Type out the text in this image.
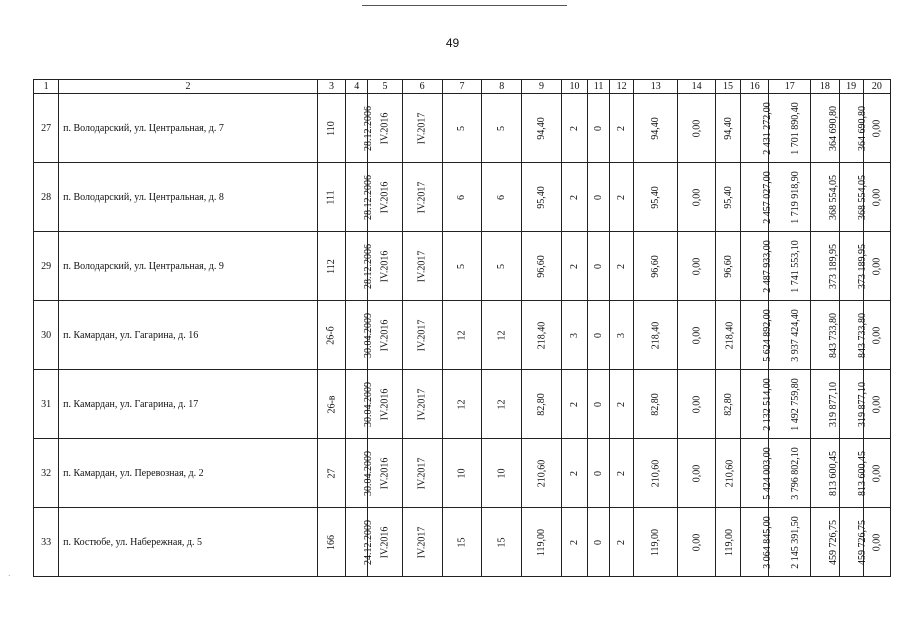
49
1	2	3	4	5	6	7	8	9	10	11	12	13	14	15	16	17	18	19	20
27	п. Володарский, ул. Центральная, д. 7	110	28.12.2006	IV.2016	IV.2017	5	5	94,40	2	0	2	94,40	0,00	94,40	2 431 272,00	1 701 890,40	364 690,80	364 690,80	0,00
28	п. Володарский, ул. Центральная, д. 8	111	28.12.2006	IV.2016	IV.2017	6	6	95,40	2	0	2	95,40	0,00	95,40	2 457 027,00	1 719 918,90	368 554,05	368 554,05	0,00
29	п. Володарский, ул. Центральная, д. 9	112	28.12.2006	IV.2016	IV.2017	5	5	96,60	2	0	2	96,60	0,00	96,60	2 487 933,00	1 741 553,10	373 189,95	373 189,95	0,00
30	п. Камардан, ул. Гагарина, д. 16	26-б	30.04.2009	IV.2016	IV.2017	12	12	218,40	3	0	3	218,40	0,00	218,40	5 624 892,00	3 937 424,40	843 733,80	843 733,80	0,00
31	п. Камардан, ул. Гагарина, д. 17	26-в	30.04.2009	IV.2016	IV.2017	12	12	82,80	2	0	2	82,80	0,00	82,80	2 132 514,00	1 492 759,80	319 877,10	319 877,10	0,00
32	п. Камардан, ул. Перевозная, д. 2	27	30.04.2009	IV.2016	IV.2017	10	10	210,60	2	0	2	210,60	0,00	210,60	5 424 003,00	3 796 802,10	813 600,45	813 600,45	0,00
33	п. Костюбе, ул. Набережная, д. 5	166	24.12.2009	IV.2016	IV.2017	15	15	119,00	2	0	2	119,00	0,00	119,00	3 064 845,00	2 145 391,50	459 726,75	459 726,75	0,00
.
